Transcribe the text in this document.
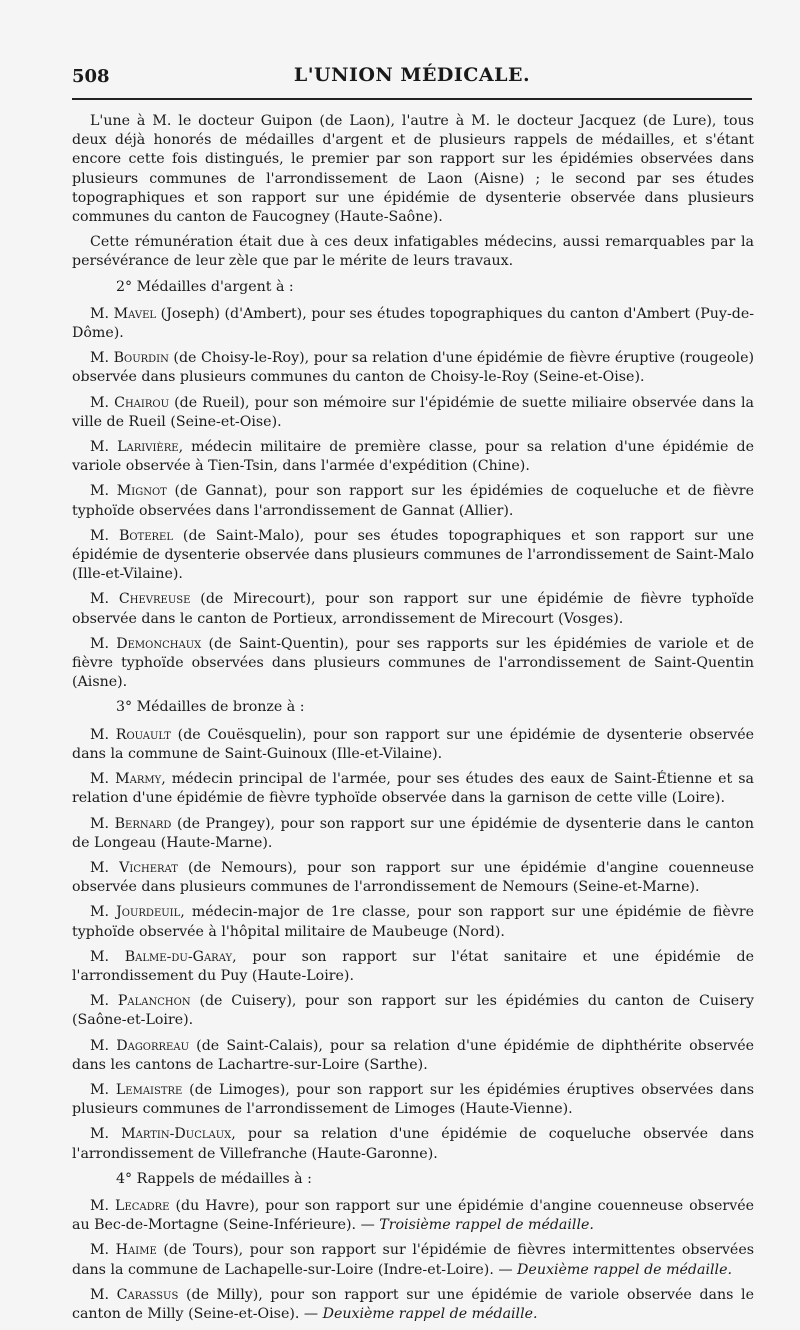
508	L'UNION MÉDICALE.

L'une à M. le docteur Guipon (de Laon), l'autre à M. le docteur Jacquez (de Lure), tous deux déjà honorés de médailles d'argent et de plusieurs rappels de médailles, et s'étant encore cette fois distingués, le premier par son rapport sur les épidémies observées dans plusieurs communes de l'arrondissement de Laon (Aisne) ; le second par ses études topographiques et son rapport sur une épidémie de dysenterie observée dans plusieurs communes du canton de Faucogney (Haute-Saône).

Cette rémunération était due à ces deux infatigables médecins, aussi remarquables par la persévérance de leur zèle que par le mérite de leurs travaux.

2° Médailles d'argent à :

M. Mavel (Joseph) (d'Ambert), pour ses études topographiques du canton d'Ambert (Puy-de-Dôme).

M. Bourdin (de Choisy-le-Roy), pour sa relation d'une épidémie de fièvre éruptive (rougeole) observée dans plusieurs communes du canton de Choisy-le-Roy (Seine-et-Oise).

M. Chairou (de Rueil), pour son mémoire sur l'épidémie de suette miliaire observée dans la ville de Rueil (Seine-et-Oise).

M. Larivière, médecin militaire de première classe, pour sa relation d'une épidémie de variole observée à Tien-Tsin, dans l'armée d'expédition (Chine).

M. Mignot (de Gannat), pour son rapport sur les épidémies de coqueluche et de fièvre typhoïde observées dans l'arrondissement de Gannat (Allier).

M. Boterel (de Saint-Malo), pour ses études topographiques et son rapport sur une épidémie de dysenterie observée dans plusieurs communes de l'arrondissement de Saint-Malo (Ille-et-Vilaine).

M. Chevreuse (de Mirecourt), pour son rapport sur une épidémie de fièvre typhoïde observée dans le canton de Portieux, arrondissement de Mirecourt (Vosges).

M. Demonchaux (de Saint-Quentin), pour ses rapports sur les épidémies de variole et de fièvre typhoïde observées dans plusieurs communes de l'arrondissement de Saint-Quentin (Aisne).

3° Médailles de bronze à :

M. Rouault (de Couësquelin), pour son rapport sur une épidémie de dysenterie observée dans la commune de Saint-Guinoux (Ille-et-Vilaine).

M. Marmy, médecin principal de l'armée, pour ses études des eaux de Saint-Étienne et sa relation d'une épidémie de fièvre typhoïde observée dans la garnison de cette ville (Loire).

M. Bernard (de Prangey), pour son rapport sur une épidémie de dysenterie dans le canton de Longeau (Haute-Marne).

M. Vicherat (de Nemours), pour son rapport sur une épidémie d'angine couenneuse observée dans plusieurs communes de l'arrondissement de Nemours (Seine-et-Marne).

M. Jourdeuil, médecin-major de 1re classe, pour son rapport sur une épidémie de fièvre typhoïde observée à l'hôpital militaire de Maubeuge (Nord).

M. Balme-du-Garay, pour son rapport sur l'état sanitaire et une épidémie de l'arrondissement du Puy (Haute-Loire).

M. Palanchon (de Cuisery), pour son rapport sur les épidémies du canton de Cuisery (Saône-et-Loire).

M. Dagorreau (de Saint-Calais), pour sa relation d'une épidémie de diphthérite observée dans les cantons de Lachartre-sur-Loire (Sarthe).

M. Lemaistre (de Limoges), pour son rapport sur les épidémies éruptives observées dans plusieurs communes de l'arrondissement de Limoges (Haute-Vienne).

M. Martin-Duclaux, pour sa relation d'une épidémie de coqueluche observée dans l'arrondissement de Villefranche (Haute-Garonne).

4° Rappels de médailles à :

M. Lecadre (du Havre), pour son rapport sur une épidémie d'angine couenneuse observée au Bec-de-Mortagne (Seine-Inférieure). — Troisième rappel de médaille.

M. Haime (de Tours), pour son rapport sur l'épidémie de fièvres intermittentes observées dans la commune de Lachapelle-sur-Loire (Indre-et-Loire). — Deuxième rappel de médaille.

M. Carassus (de Milly), pour son rapport sur une épidémie de variole observée dans le canton de Milly (Seine-et-Oise). — Deuxième rappel de médaille.
